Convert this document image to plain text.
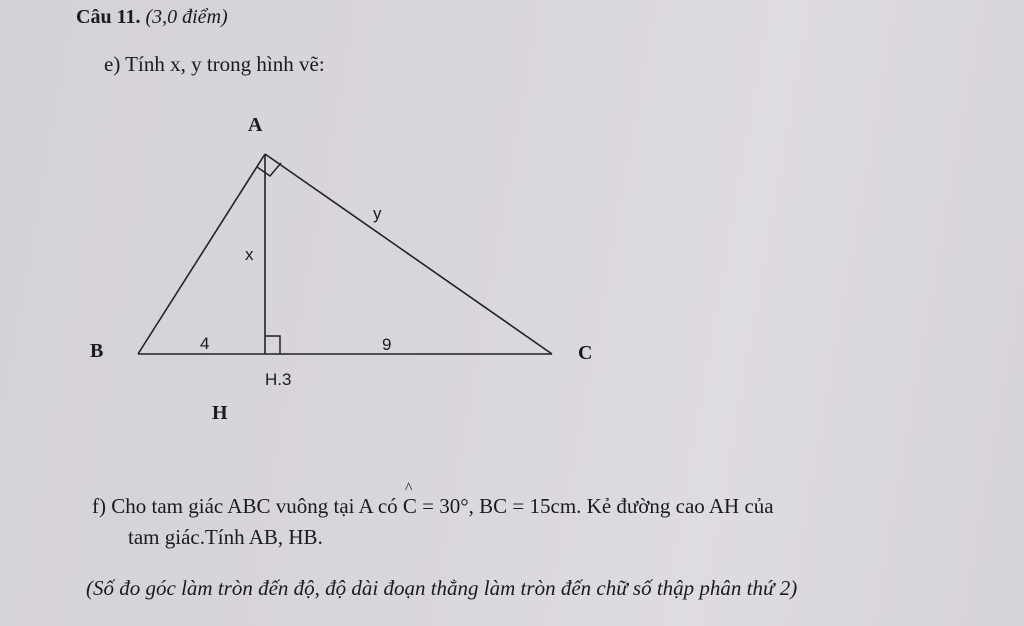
Câu 11. (3,0 điểm)
e) Tính x, y trong hình vẽ:
A
B	C
H
x
y
4	9
H.3
f) Cho tam giác ABC vuông tại A có ^ C = 30°, BC = 15cm. Kẻ đường cao AH của
tam giác.Tính AB, HB.
(Số đo góc làm tròn đến độ, độ dài đoạn thẳng làm tròn đến chữ số thập phân thứ 2)
